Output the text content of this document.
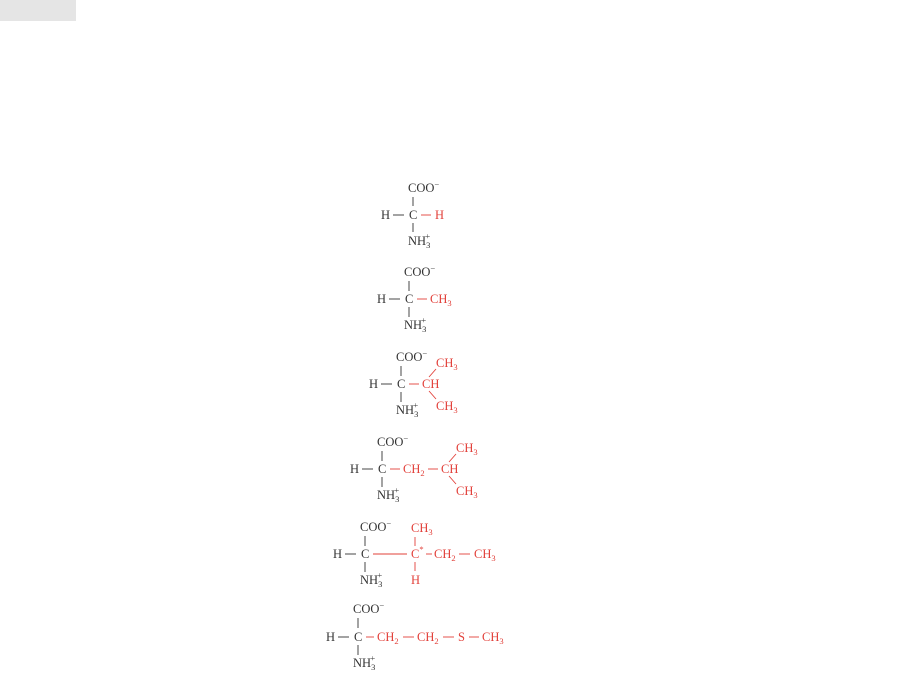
COO−
H C H
$NH_3+$
COO−
H C $CH_3$
$NH_3+$
COO−
H C CH
$CH_3$
$CH_3$
$NH_3+$
COO−
H C $CH_2$ CH
$CH_3$
$CH_3$
$NH_3+$
COO−
H C
$CH_3$
C* $CH_2$ $CH_3$
H
$NH_3+$
COO−
H C $CH_2$ $CH_2$ S $CH_3$
$NH_3+$
